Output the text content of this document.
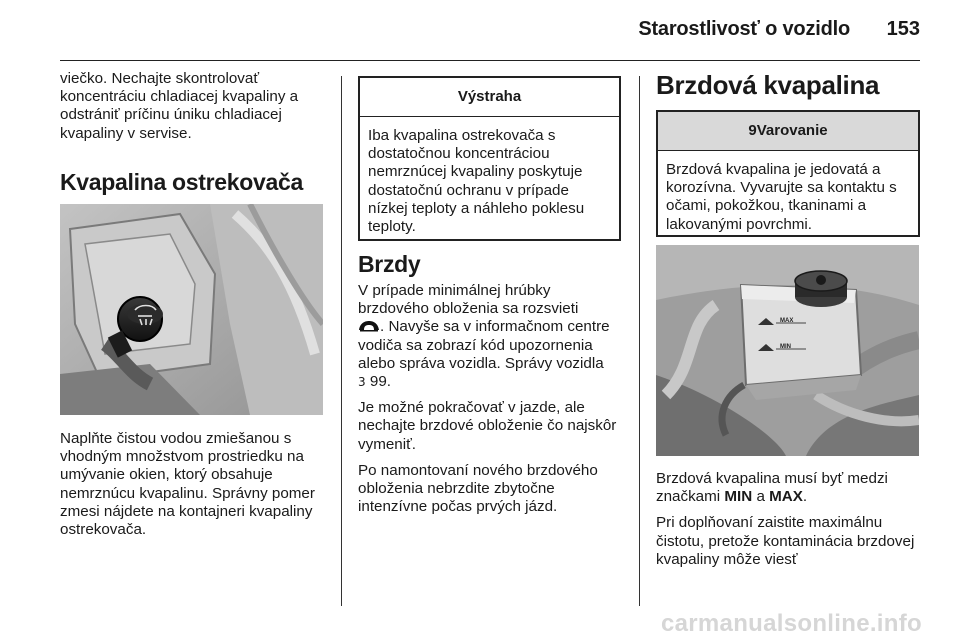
Starostlivosť o vozidlo	153

viečko. Nechajte skontrolovať koncentráciu chladiacej kvapaliny a odstrániť príčinu úniku chladiacej kvapaliny v servise.

Kvapalina ostrekovača

Naplňte čistou vodou zmiešanou s vhodným množstvom prostriedku na umývanie okien, ktorý obsahuje nemrznúcu kvapalinu. Správny pomer zmesi nájdete na kontajneri kvapaliny ostrekovača.

Výstraha

Iba kvapalina ostrekovača s dostatočnou koncentráciou nemrznúcej kvapaliny poskytuje dostatočnú ochranu v prípade nízkej teploty a náhleho poklesu teploty.

Brzdy

V prípade minimálnej hrúbky brzdového obloženia sa rozsvieti
. Navyše sa v informačnom centre vodiča sa zobrazí kód upozornenia alebo správa vozidla. Správy vozidla
3 99.

Je možné pokračovať v jazde, ale nechajte brzdové obloženie čo najskôr vymeniť.

Po namontovaní nového brzdového obloženia nebrzdite zbytočne intenzívne počas prvých jázd.

Brzdová kvapalina
9Varovanie

Brzdová kvapalina je jedovatá a korozívna. Vyvarujte sa kontaktu s očami, pokožkou, tkaninami a lakovanými povrchmi.

MAX
MIN

Brzdová kvapalina musí byť medzi značkami MIN a MAX.

Pri doplňovaní zaistite maximálnu čistotu, pretože kontaminácia brzdovej kvapaliny môže viesť

carmanualsonline.info
